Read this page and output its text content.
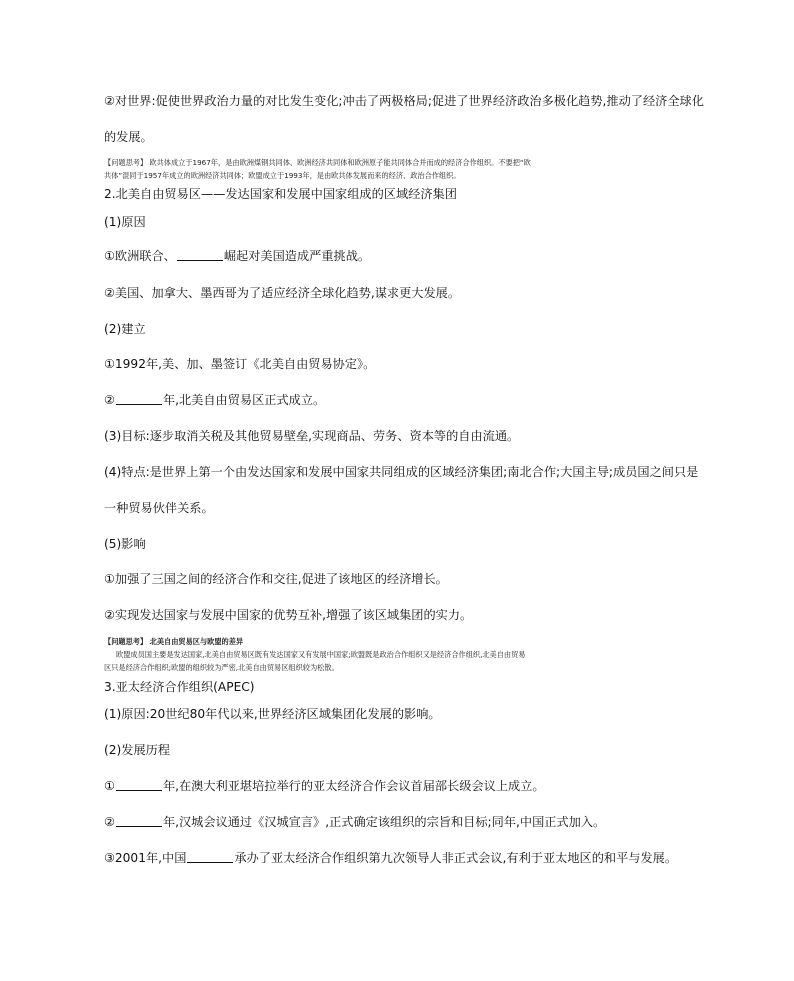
②对世界:促使世界政治力量的对比发生变化;冲击了两极格局;促进了世界经济政治多极化趋势,推动了经济全球化
的发展。
【问题思考】 欧共体成立于1967年，是由欧洲煤钢共同体、欧洲经济共同体和欧洲原子能共同体合并而成的经济合作组织。不要把“欧
共体”混同于1957年成立的欧洲经济共同体；欧盟成立于1993年，是由欧共体发展而来的经济、政治合作组织。
2.北美自由贸易区——发达国家和发展中国家组成的区域经济集团
(1)原因
①欧洲联合、	崛起对美国造成严重挑战。
②美国、加拿大、墨西哥为了适应经济全球化趋势,谋求更大发展。
(2)建立
①1992年,美、加、墨签订《北美自由贸易协定》。
②	年,北美自由贸易区正式成立。
(3)目标:逐步取消关税及其他贸易壁垒,实现商品、劳务、资本等的自由流通。
(4)特点:是世界上第一个由发达国家和发展中国家共同组成的区域经济集团;南北合作;大国主导;成员国之间只是
一种贸易伙伴关系。
(5)影响
①加强了三国之间的经济合作和交往,促进了该地区的经济增长。
②实现发达国家与发展中国家的优势互补,增强了该区域集团的实力。
【问题思考】 北美自由贸易区与欧盟的差异
欧盟成员国主要是发达国家,北美自由贸易区既有发达国家又有发展中国家;欧盟既是政治合作组织又是经济合作组织,北美自由贸易
区只是经济合作组织;欧盟的组织较为严密,北美自由贸易区组织较为松散。
3.亚太经济合作组织(APEC)
(1)原因:20世纪80年代以来,世界经济区域集团化发展的影响。
(2)发展历程
①	年,在澳大利亚堪培拉举行的亚太经济合作会议首届部长级会议上成立。
②	年,汉城会议通过《汉城宣言》,正式确定该组织的宗旨和目标;同年,中国正式加入。
③2001年,中国	承办了亚太经济合作组织第九次领导人非正式会议,有利于亚太地区的和平与发展。
